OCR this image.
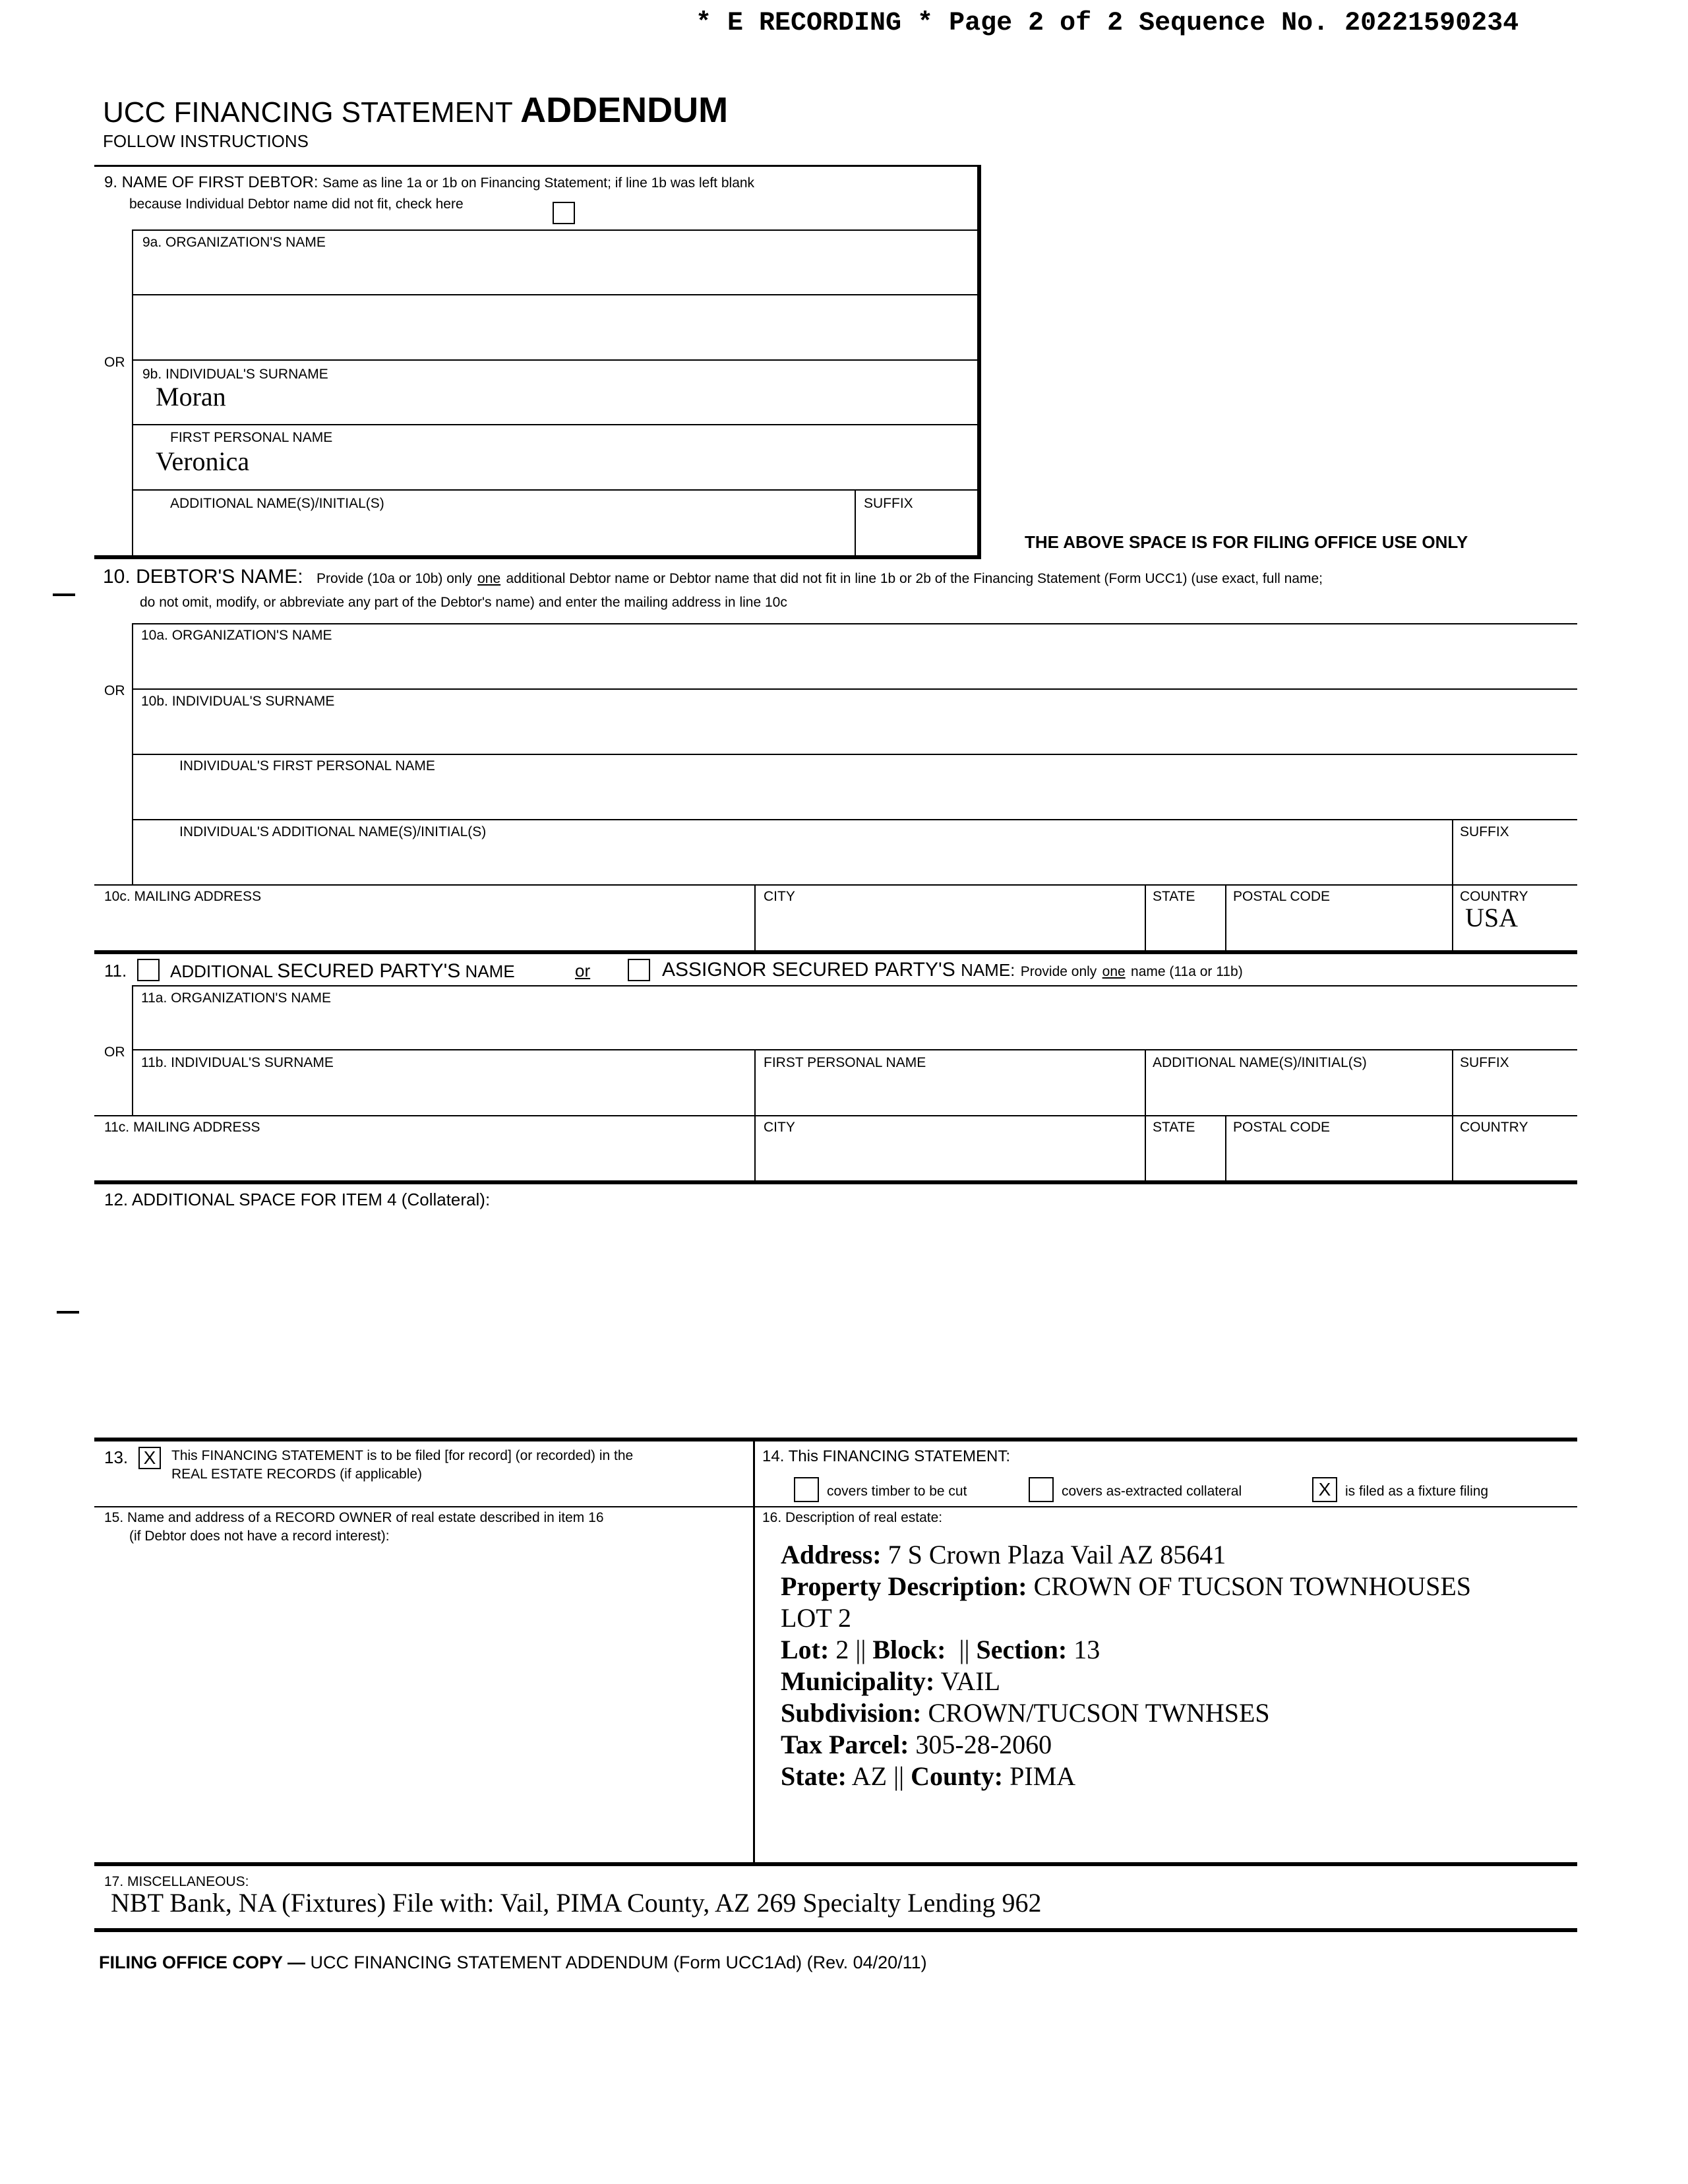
* E RECORDING * Page 2 of 2 Sequence No. 20221590234
UCC FINANCING STATEMENT ADDENDUM
FOLLOW INSTRUCTIONS
9. NAME OF FIRST DEBTOR: Same as line 1a or 1b on Financing Statement; if line 1b was left blank
because Individual Debtor name did not fit, check here
9a. ORGANIZATION'S NAME
OR
9b. INDIVIDUAL'S SURNAME
Moran
FIRST PERSONAL NAME
Veronica
ADDITIONAL NAME(S)/INITIAL(S)	SUFFIX
THE ABOVE SPACE IS FOR FILING OFFICE USE ONLY
10. DEBTOR'S NAME: Provide (10a or 10b) only one additional Debtor name or Debtor name that did not fit in line 1b or 2b of the Financing Statement (Form UCC1) (use exact, full name;
do not omit, modify, or abbreviate any part of the Debtor's name) and enter the mailing address in line 10c
10a. ORGANIZATION'S NAME
OR
10b. INDIVIDUAL'S SURNAME
INDIVIDUAL'S FIRST PERSONAL NAME
INDIVIDUAL'S ADDITIONAL NAME(S)/INITIAL(S)	SUFFIX
10c. MAILING ADDRESS	CITY	STATE	POSTAL CODE	COUNTRY
USA
11.	ADDITIONAL SECURED PARTY'S NAME	or	ASSIGNOR SECURED PARTY'S NAME: Provide only one name (11a or 11b)
11a. ORGANIZATION'S NAME
OR
11b. INDIVIDUAL'S SURNAME	FIRST PERSONAL NAME	ADDITIONAL NAME(S)/INITIAL(S)	SUFFIX
11c. MAILING ADDRESS	CITY	STATE	POSTAL CODE	COUNTRY
12. ADDITIONAL SPACE FOR ITEM 4 (Collateral):
13. X	This FINANCING STATEMENT is to be filed [for record] (or recorded) in the
REAL ESTATE RECORDS (if applicable)
14. This FINANCING STATEMENT:
covers timber to be cut	covers as-extracted collateral	X	is filed as a fixture filing
15. Name and address of a RECORD OWNER of real estate described in item 16
(if Debtor does not have a record interest):
16. Description of real estate:
Address: 7 S Crown Plaza Vail AZ 85641
Property Description: CROWN OF TUCSON TOWNHOUSES
LOT 2
Lot: 2 || Block:  || Section: 13
Municipality: VAIL
Subdivision: CROWN/TUCSON TWNHSES
Tax Parcel: 305-28-2060
State: AZ || County: PIMA
17. MISCELLANEOUS:
NBT Bank, NA (Fixtures) File with: Vail, PIMA County, AZ 269 Specialty Lending 962
FILING OFFICE COPY — UCC FINANCING STATEMENT ADDENDUM (Form UCC1Ad) (Rev. 04/20/11)
